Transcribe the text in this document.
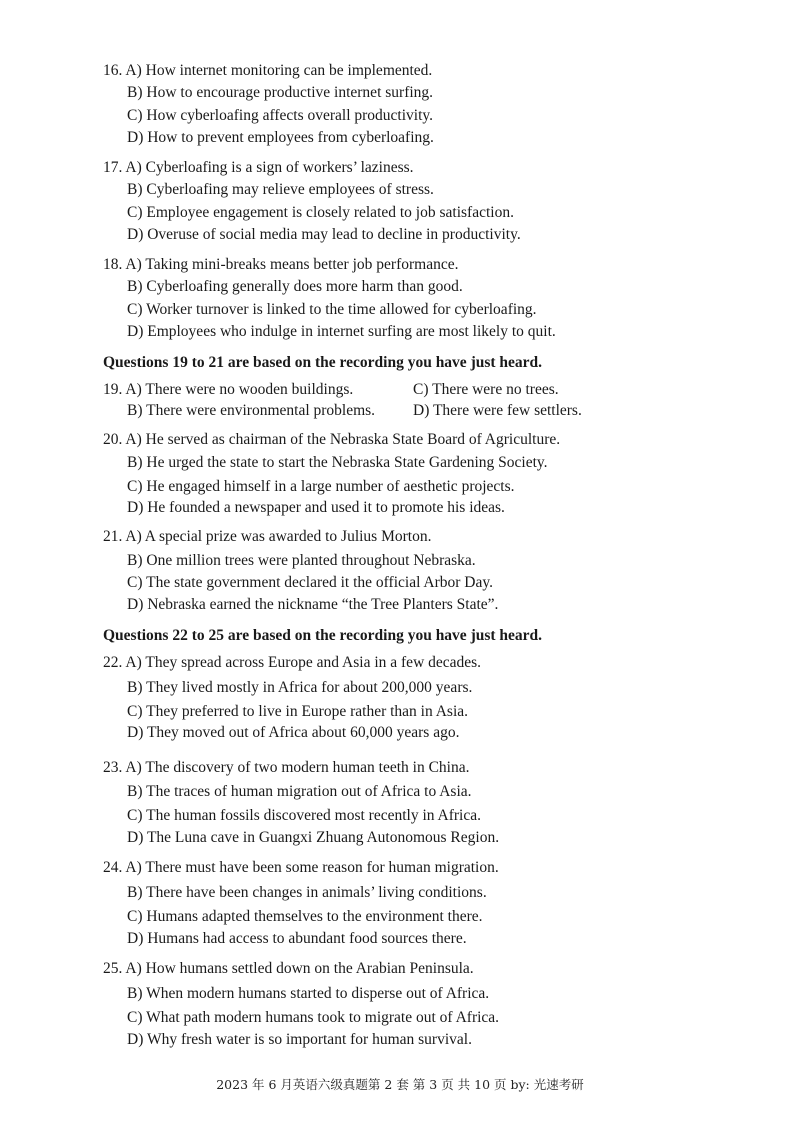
16. A) How internet monitoring can be implemented.
B) How to encourage productive internet surfing.
C) How cyberloafing affects overall productivity.
D) How to prevent employees from cyberloafing.
17. A) Cyberloafing is a sign of workers’ laziness.
B) Cyberloafing may relieve employees of stress.
C) Employee engagement is closely related to job satisfaction.
D) Overuse of social media may lead to decline in productivity.
18. A) Taking mini-breaks means better job performance.
B) Cyberloafing generally does more harm than good.
C) Worker turnover is linked to the time allowed for cyberloafing.
D) Employees who indulge in internet surfing are most likely to quit.
Questions 19 to 21 are based on the recording you have just heard.
19. A) There were no wooden buildings.	C) There were no trees.
B) There were environmental problems. D) There were few settlers.
20. A) He served as chairman of the Nebraska State Board of Agriculture.
B) He urged the state to start the Nebraska State Gardening Society.
C) He engaged himself in a large number of aesthetic projects.
D) He founded a newspaper and used it to promote his ideas.
21. A) A special prize was awarded to Julius Morton.
B) One million trees were planted throughout Nebraska.
C) The state government declared it the official Arbor Day.
D) Nebraska earned the nickname “the Tree Planters State”.
Questions 22 to 25 are based on the recording you have just heard.
22. A) They spread across Europe and Asia in a few decades.
B) They lived mostly in Africa for about 200,000 years.
C) They preferred to live in Europe rather than in Asia.
D) They moved out of Africa about 60,000 years ago.
23. A) The discovery of two modern human teeth in China.
B) The traces of human migration out of Africa to Asia.
C) The human fossils discovered most recently in Africa.
D) The Luna cave in Guangxi Zhuang Autonomous Region.
24. A) There must have been some reason for human migration.
B) There have been changes in animals’ living conditions.
C) Humans adapted themselves to the environment there.
D) Humans had access to abundant food sources there.
25. A) How humans settled down on the Arabian Peninsula.
B) When modern humans started to disperse out of Africa.
C) What path modern humans took to migrate out of Africa.
D) Why fresh water is so important for human survival.
2023 年 6 月英语六级真题第 2 套 第 3 页 共 10 页 by: 光速考研
